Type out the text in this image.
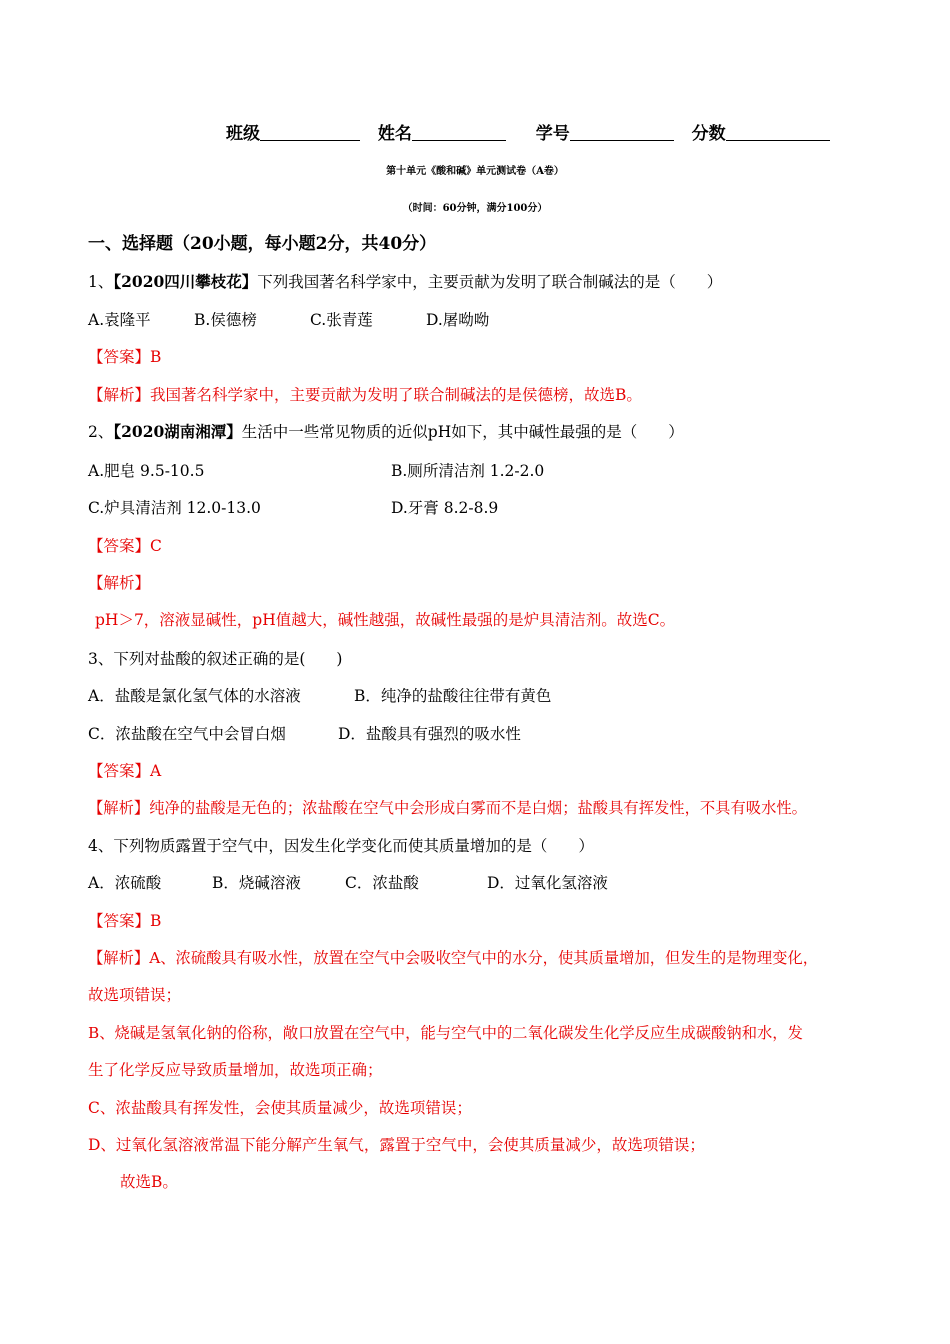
班级	姓名	学号	分数
第十单元《酸和碱》单元测试卷（A卷）
（时间：60分钟，满分100分）
一、选择题（20小题，每小题2分，共40分）
1、【2020四川攀枝花】下列我国著名科学家中，主要贡献为发明了联合制碱法的是（　　）
A.袁隆平	B.侯德榜	C.张青莲	D.屠呦呦
【答案】B
【解析】我国著名科学家中，主要贡献为发明了联合制碱法的是侯德榜，故选B。
2、【2020湖南湘潭】生活中一些常见物质的近似pH如下，其中碱性最强的是（　　）
A.肥皂 9.5-10.5	B.厕所清洁剂 1.2-2.0
C.炉具清洁剂 12.0-13.0	D.牙膏 8.2-8.9
【答案】C
【解析】
pH＞7，溶液显碱性，pH值越大，碱性越强，故碱性最强的是炉具清洁剂。故选C。
3、下列对盐酸的叙述正确的是(　　)
A．盐酸是氯化氢气体的水溶液	B．纯净的盐酸往往带有黄色
C．浓盐酸在空气中会冒白烟	D．盐酸具有强烈的吸水性
【答案】A
【解析】纯净的盐酸是无色的；浓盐酸在空气中会形成白雾而不是白烟；盐酸具有挥发性，不具有吸水性。
4、下列物质露置于空气中，因发生化学变化而使其质量增加的是（　　）
A．浓硫酸	B．烧碱溶液	C．浓盐酸	D．过氧化氢溶液
【答案】B
【解析】A、浓硫酸具有吸水性，放置在空气中会吸收空气中的水分，使其质量增加，但发生的是物理变化，
故选项错误；
B、烧碱是氢氧化钠的俗称，敞口放置在空气中，能与空气中的二氧化碳发生化学反应生成碳酸钠和水，发
生了化学反应导致质量增加，故选项正确；
C、浓盐酸具有挥发性，会使其质量减少，故选项错误；
D、过氧化氢溶液常温下能分解产生氧气，露置于空气中，会使其质量减少，故选项错误；
故选B。
